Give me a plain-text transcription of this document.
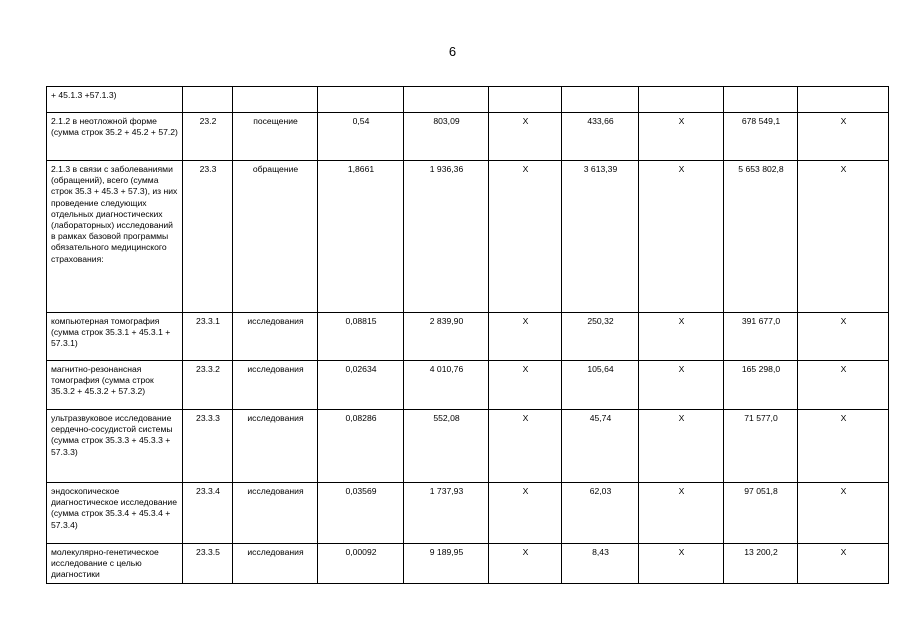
6
+ 45.1.3 +57.1.3)									
2.1.2 в неотложной форме (сумма строк 35.2 + 45.2 + 57.2)	23.2	посещение	0,54	803,09	X	433,66	X	678 549,1	X
2.1.3 в связи с заболеваниями (обращений), всего (сумма строк 35.3 + 45.3 + 57.3), из них проведение следующих отдельных диагностических (лабораторных) исследований в рамках базовой программы обязательного медицинского страхования:	23.3	обращение	1,8661	1 936,36	X	3 613,39	X	5 653 802,8	X
компьютерная томография (сумма строк 35.3.1 + 45.3.1 + 57.3.1)	23.3.1	исследования	0,08815	2 839,90	X	250,32	X	391 677,0	X
магнитно-резонансная томография (сумма строк 35.3.2 + 45.3.2 + 57.3.2)	23.3.2	исследования	0,02634	4 010,76	X	105,64	X	165 298,0	X
ультразвуковое исследование сердечно-сосудистой системы (сумма строк 35.3.3 + 45.3.3 + 57.3.3)	23.3.3	исследования	0,08286	552,08	X	45,74	X	71 577,0	X
эндоскопическое диагностическое исследование (сумма строк 35.3.4 + 45.3.4 + 57.3.4)	23.3.4	исследования	0,03569	1 737,93	X	62,03	X	97 051,8	X
молекулярно-генетическое исследование с целью диагностики	23.3.5	исследования	0,00092	9 189,95	X	8,43	X	13 200,2	X
